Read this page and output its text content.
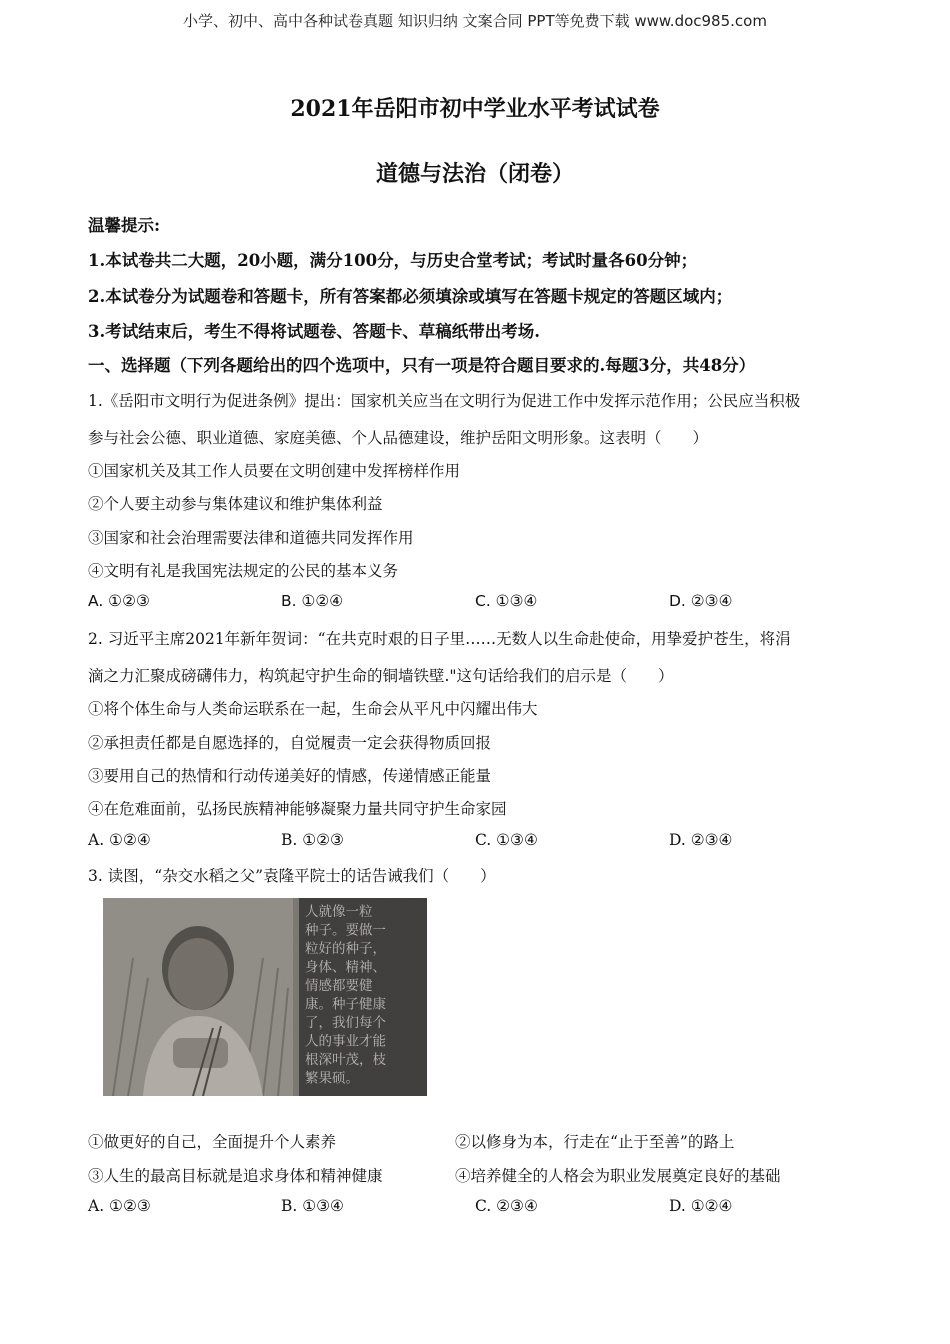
小学、初中、高中各种试卷真题 知识归纳 文案合同 PPT等免费下载 www.doc985.com
2021年岳阳市初中学业水平考试试卷
道德与法治（闭卷）
温馨提示:
1.本试卷共二大题，20小题，满分100分，与历史合堂考试；考试时量各60分钟；
2.本试卷分为试题卷和答题卡，所有答案都必须填涂或填写在答题卡规定的答题区域内；
3.考试结束后，考生不得将试题卷、答题卡、草稿纸带出考场.
一、选择题（下列各题给出的四个选项中，只有一项是符合题目要求的.每题3分，共48分）
1.《岳阳市文明行为促进条例》提出：国家机关应当在文明行为促进工作中发挥示范作用；公民应当积极
参与社会公德、职业道德、家庭美德、个人品德建设，维护岳阳文明形象。这表明（　　）
①国家机关及其工作人员要在文明创建中发挥榜样作用
②个人要主动参与集体建议和维护集体利益
③国家和社会治理需要法律和道德共同发挥作用
④文明有礼是我国宪法规定的公民的基本义务
A. ①②③	B. ①②④	C. ①③④	D. ②③④
2. 习近平主席2021年新年贺词：“在共克时艰的日子里……无数人以生命赴使命，用挚爱护苍生，将涓
滴之力汇聚成磅礴伟力，构筑起守护生命的铜墙铁壁."这句话给我们的启示是（　　）
①将个体生命与人类命运联系在一起，生命会从平凡中闪耀出伟大
②承担责任都是自愿选择的，自觉履责一定会获得物质回报
③要用自己的热情和行动传递美好的情感，传递情感正能量
④在危难面前，弘扬民族精神能够凝聚力量共同守护生命家园
A. ①②④	B. ①②③	C. ①③④	D. ②③④
3. 读图，“杂交水稻之父”袁隆平院士的话告诫我们（　　）
人就像一粒
种子。要做一
粒好的种子，
身体、精神、
情感都要健
康。种子健康
了，我们每个
人的事业才能
根深叶茂，枝
繁果硕。
①做更好的自己，全面提升个人素养	②以修身为本，行走在“止于至善”的路上
③人生的最高目标就是追求身体和精神健康	④培养健全的人格会为职业发展奠定良好的基础
A. ①②③	B. ①③④	C. ②③④	D. ①②④
